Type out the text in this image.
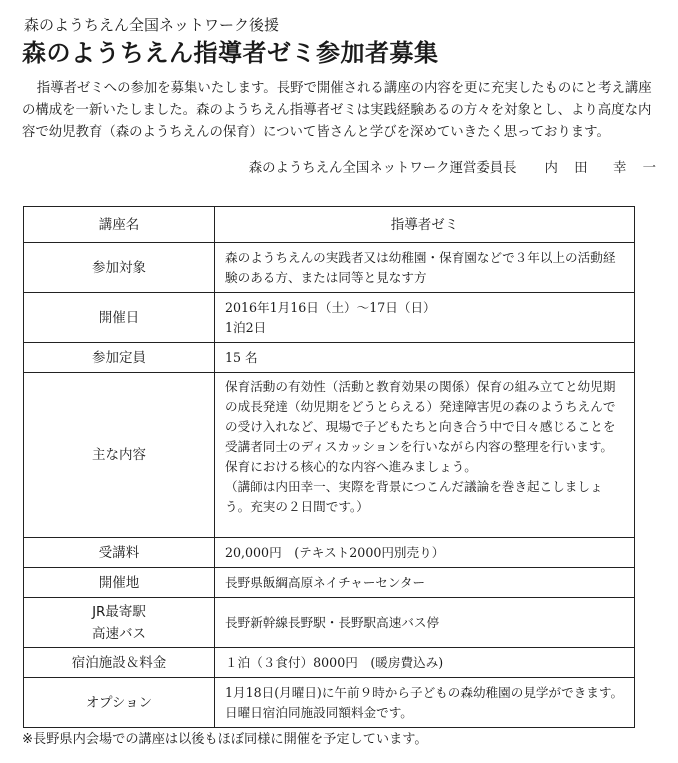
森のようちえん全国ネットワーク後援
森のようちえん指導者ゼミ参加者募集

指導者ゼミへの参加を募集いたします。長野で開催される講座の内容を更に充実したものにと考え講座の構成を一新いたしました。森のようちえん指導者ゼミは実践経験あるの方々を対象とし、より高度な内容で幼児教育（森のようちえんの保育）について皆さんと学びを深めていきたく思っております。

森のようちえん全国ネットワーク運営委員長 内 田　幸 一
講座名	指導者ゼミ
参加対象	森のようちえんの実践者又は幼稚園・保育園などで３年以上の活動経験のある方、または同等と見なす方
開催日	2016年1月16日（土）〜17日（日）
1泊2日

参加定員	15 名
主な内容	保育活動の有効性（活動と教育効果の関係）保育の組み立てと幼児期の成長発達（幼児期をどうとらえる）発達障害児の森のようちえんでの受け入れなど、現場で子どもたちと向き合う中で日々感じることを受講者同士のディスカッションを行いながら内容の整理を行います。保育における核心的な内容へ進みましょう。
（講師は内田幸一、実際を背景につこんだ議論を巻き起こしましょう。充実の２日間です。）

受講料	20,000円　(テキスト2000円別売り）
開催地	長野県飯綱高原ネイチャーセンター

JR最寄駅
高速バス	長野新幹線長野駅・長野駅高速バス停
宿泊施設＆料金	１泊（３食付）8000円　(暖房費込み)
オプション	1月18日(月曜日)に午前９時から子どもの森幼稚園の見学ができます。日曜日宿泊同施設同額料金です。
※長野県内会場での講座は以後もほぼ同様に開催を予定しています。
